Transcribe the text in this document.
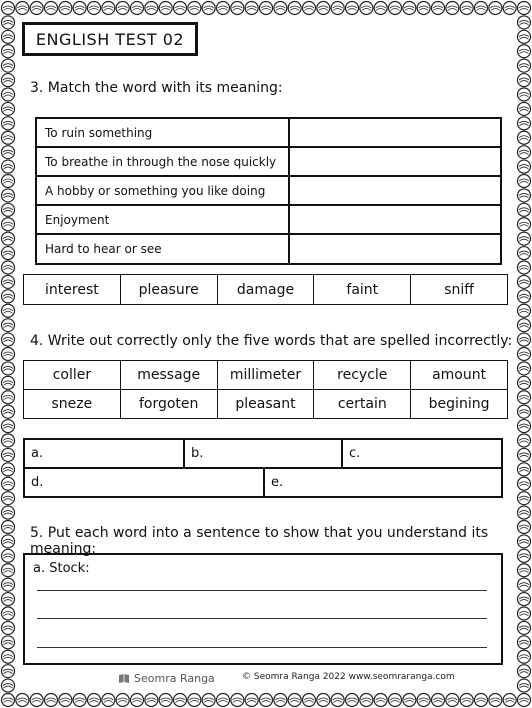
ENGLISH TEST 02
3. Match the word with its meaning:
To ruin something
To breathe in through the nose quickly
A hobby or something you like doing
Enjoyment
Hard to hear or see
interest	pleasure	damage	faint	sniff
4. Write out correctly only the five words that are spelled incorrectly:
coller	message	millimeter	recycle	amount
sneze	forgoten	pleasant	certain	begining
a.	b.	c.
d.	e.
5. Put each word into a sentence to show that you understand its meaning:
a. Stock:
Seomra Ranga	© Seomra Ranga 2022 www.seomraranga.com
